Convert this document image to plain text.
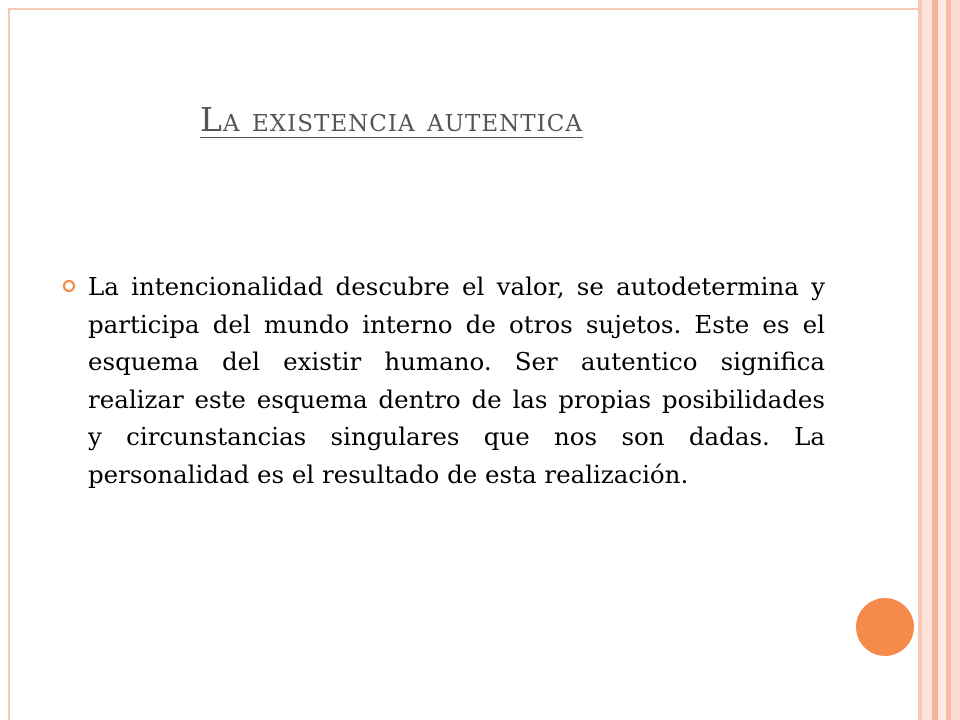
La existencia autentica

La intencionalidad descubre el valor, se autodetermina y participa del mundo interno de otros sujetos. Este es el esquema del existir humano. Ser autentico significa realizar este esquema dentro de las propias posibilidades y circunstancias singulares que nos son dadas. La personalidad es el resultado de esta realización.
